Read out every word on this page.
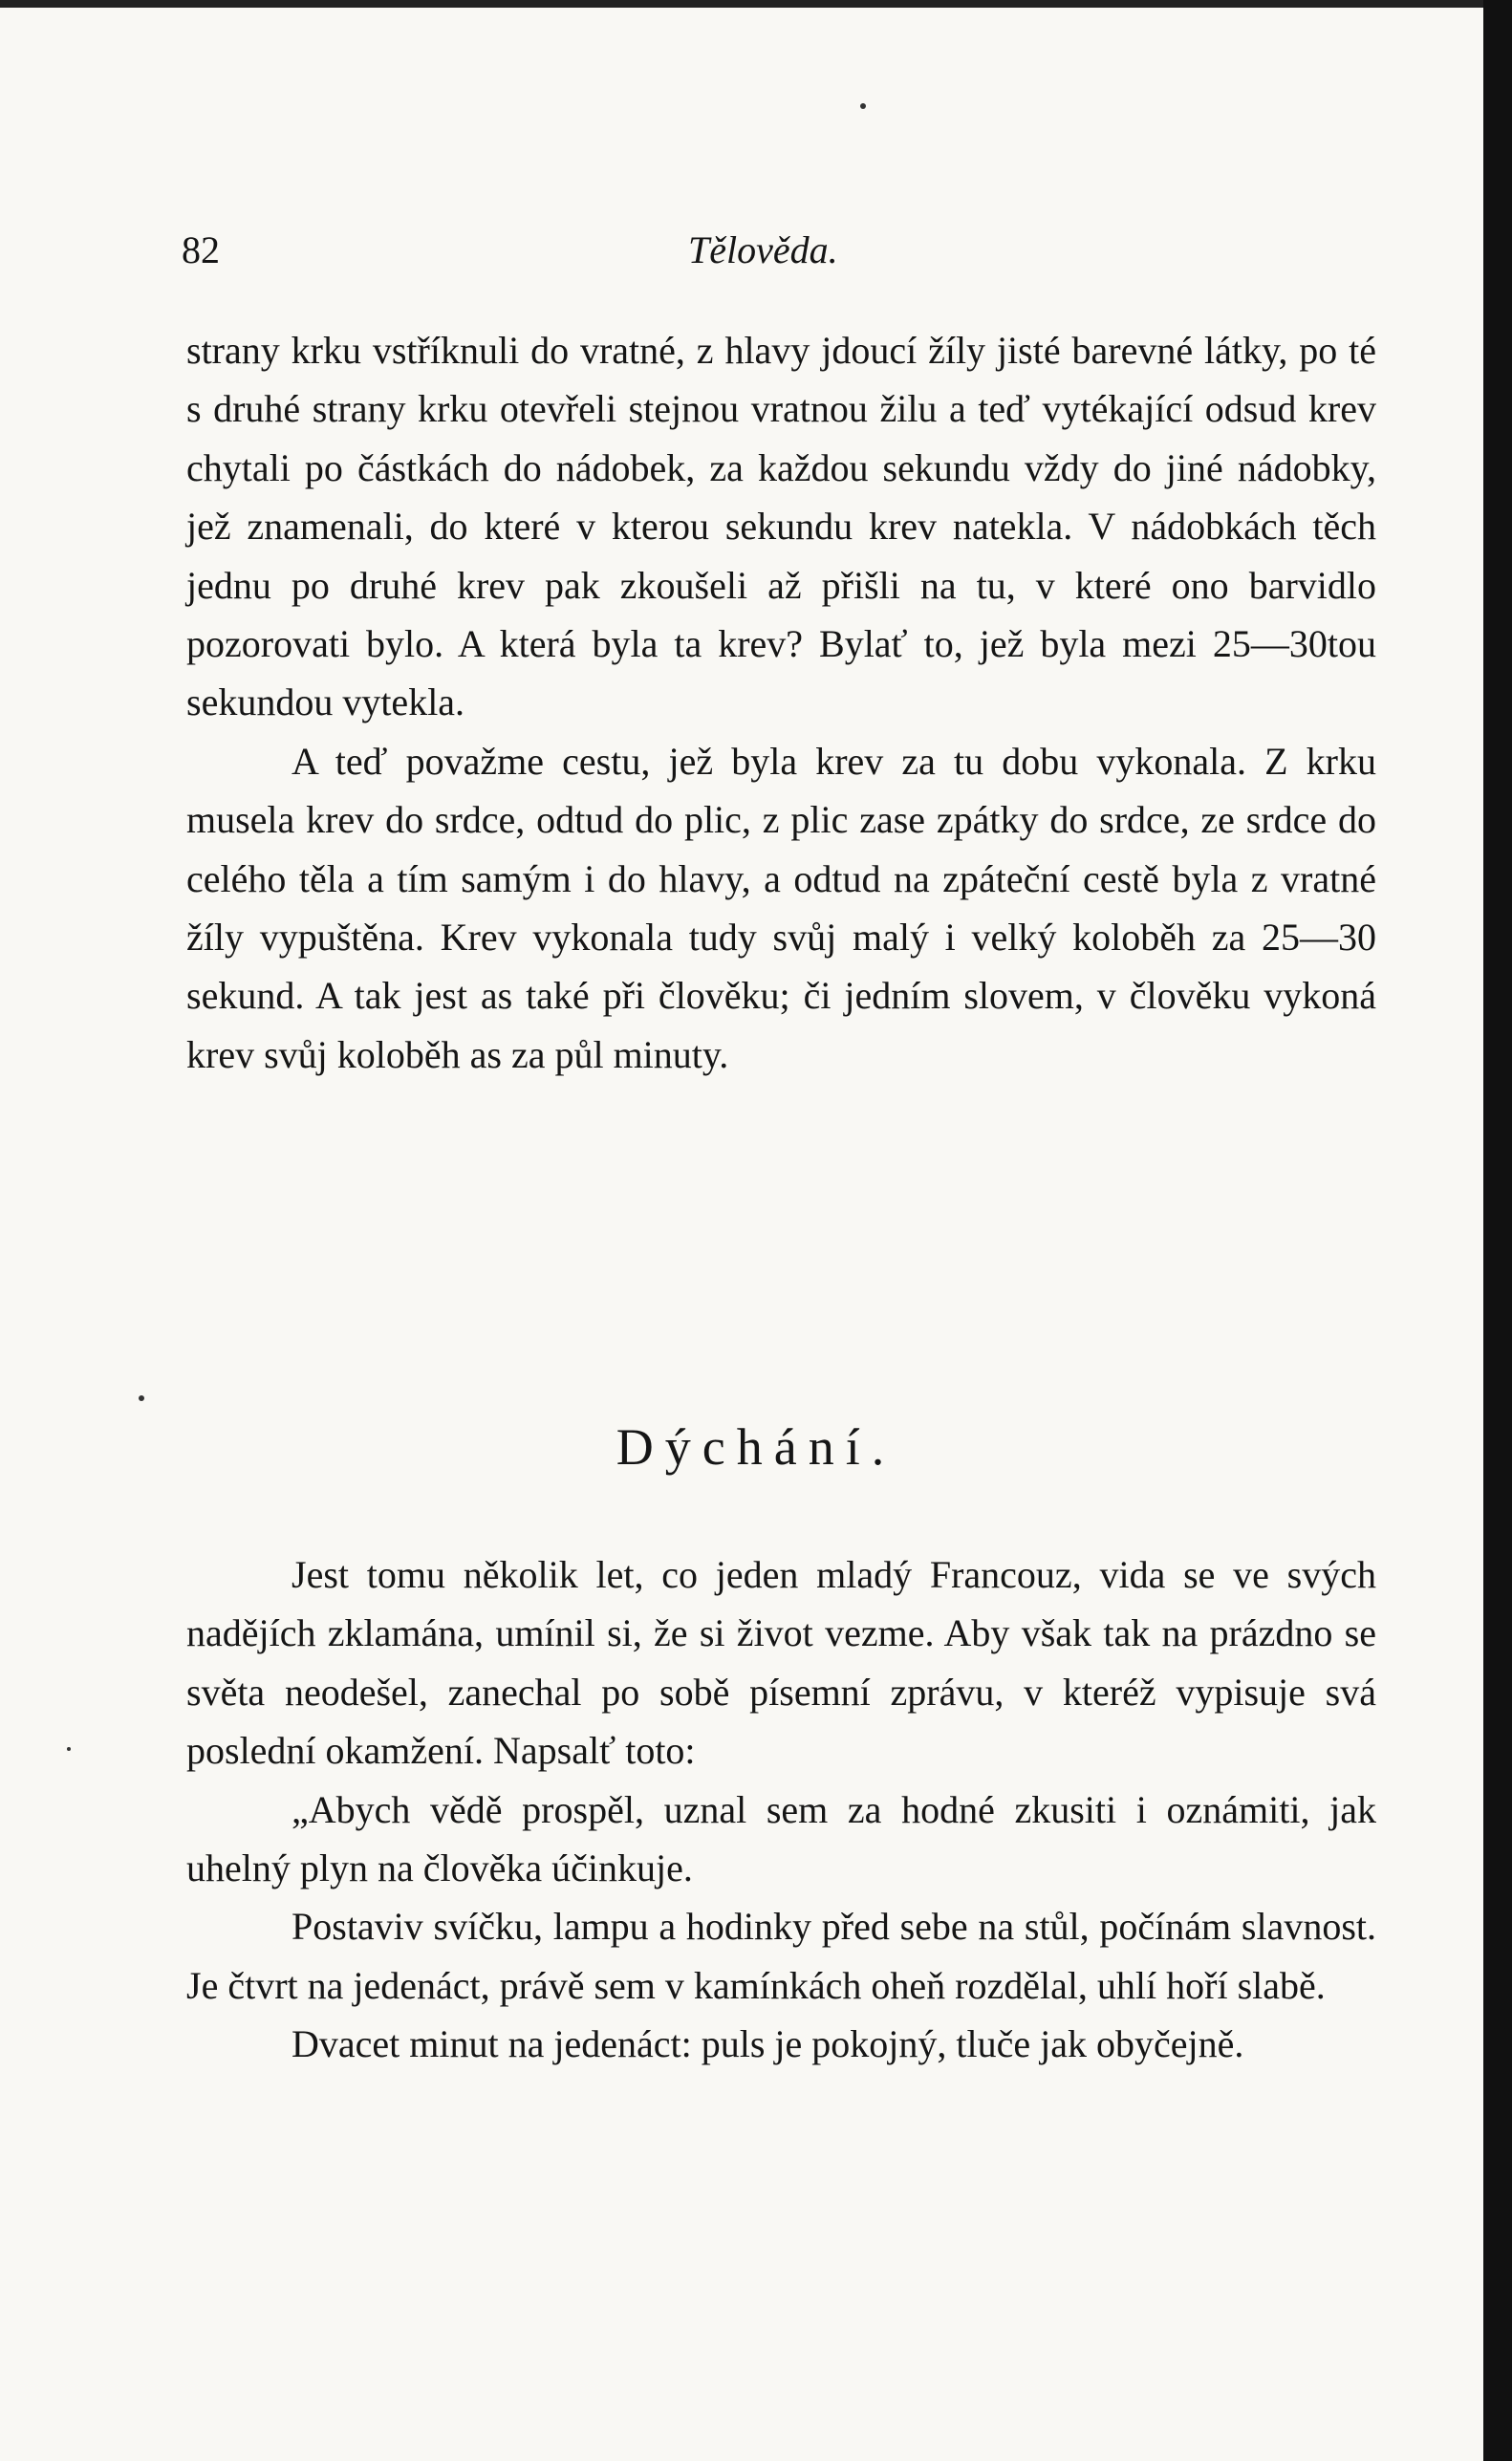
82	Tělověda.

strany krku vstříknuli do vratné, z hlavy jdoucí žíly jisté barevné látky, po té s druhé strany krku otevřeli stejnou vratnou žilu a teď vytékající odsud krev chytali po částkách do nádobek, za každou sekundu vždy do jiné nádobky, jež znamenali, do které v kterou sekundu krev natekla. V nádobkách těch jednu po druhé krev pak zkoušeli až přišli na tu, v které ono barvidlo pozorovati bylo. A která byla ta krev? Bylať to, jež byla mezi 25—30tou sekundou vytekla.

A teď považme cestu, jež byla krev za tu dobu vykonala. Z krku musela krev do srdce, odtud do plic, z plic zase zpátky do srdce, ze srdce do celého těla a tím samým i do hlavy, a odtud na zpáteční cestě byla z vratné žíly vypuštěna. Krev vykonala tudy svůj malý i velký koloběh za 25—30 sekund. A tak jest as také při člověku; či jedním slovem, v člověku vykoná krev svůj koloběh as za půl minuty.

Dýchání.

Jest tomu několik let, co jeden mladý Francouz, vida se ve svých nadějích zklamána, umínil si, že si život vezme. Aby však tak na prázdno se světa neodešel, zanechal po sobě písemní zprávu, v kteréž vypisuje svá poslední okamžení. Napsalť toto:

„Abych vědě prospěl, uznal sem za hodné zkusiti i oznámiti, jak uhelný plyn na člověka účinkuje.

Postaviv svíčku, lampu a hodinky před sebe na stůl, počínám slavnost. Je čtvrt na jedenáct, právě sem v kamínkách oheň rozdělal, uhlí hoří slabě.

Dvacet minut na jedenáct: puls je pokojný, tluče jak obyčejně.
